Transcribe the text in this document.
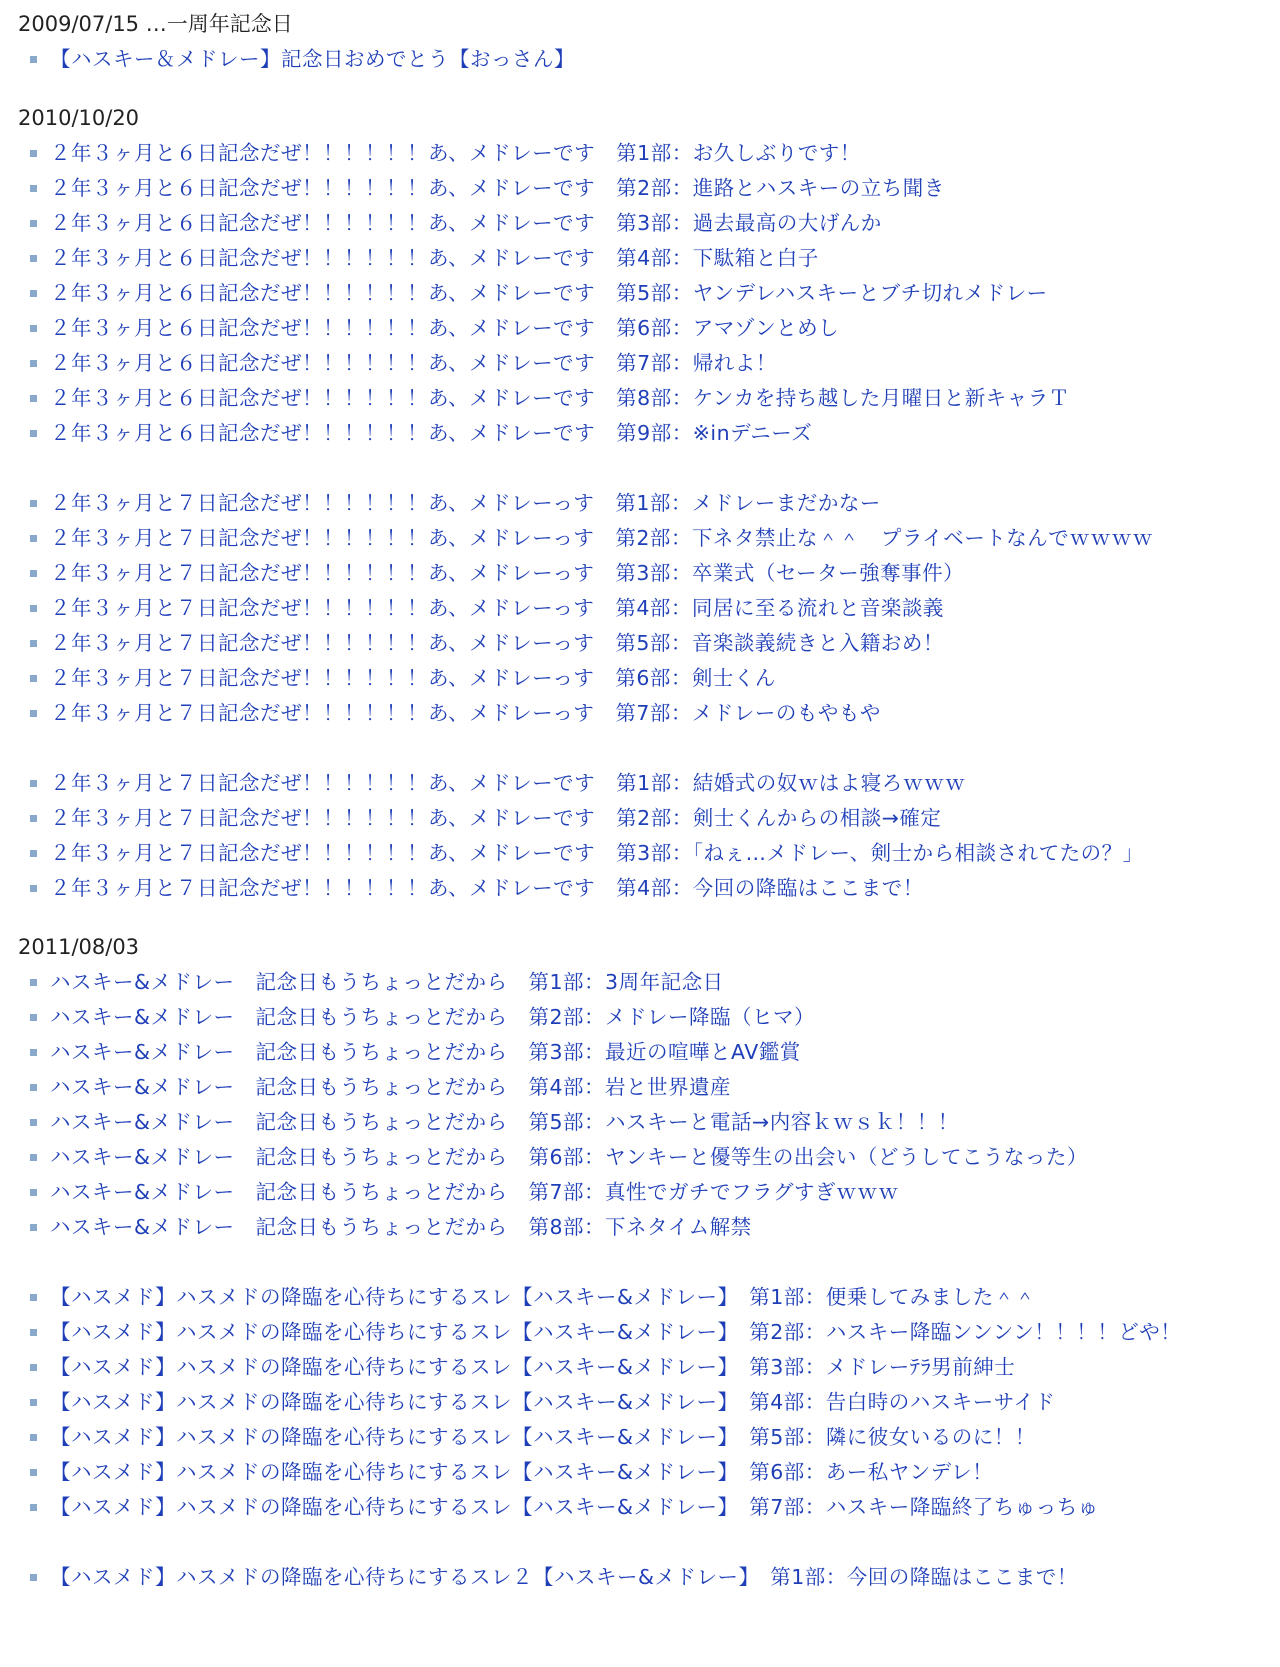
2009/07/15 …一周年記念日
【ハスキー＆メドレー】記念日おめでとう【おっさん】
2010/10/20
２年３ヶ月と６日記念だぜ！！！！！！あ、メドレーです　第1部：お久しぶりです！
２年３ヶ月と６日記念だぜ！！！！！！あ、メドレーです　第2部：進路とハスキーの立ち聞き
２年３ヶ月と６日記念だぜ！！！！！！あ、メドレーです　第3部：過去最高の大げんか
２年３ヶ月と６日記念だぜ！！！！！！あ、メドレーです　第4部：下駄箱と白子
２年３ヶ月と６日記念だぜ！！！！！！あ、メドレーです　第5部：ヤンデレハスキーとブチ切れメドレー
２年３ヶ月と６日記念だぜ！！！！！！あ、メドレーです　第6部：アマゾンとめし
２年３ヶ月と６日記念だぜ！！！！！！あ、メドレーです　第7部：帰れよ！
２年３ヶ月と６日記念だぜ！！！！！！あ、メドレーです　第8部：ケンカを持ち越した月曜日と新キャラＴ
２年３ヶ月と６日記念だぜ！！！！！！あ、メドレーです　第9部：※inデニーズ
２年３ヶ月と７日記念だぜ！！！！！！あ、メドレーっす　第1部：メドレーまだかなー
２年３ヶ月と７日記念だぜ！！！！！！あ、メドレーっす　第2部：下ネタ禁止な＾＾　プライベートなんでｗｗｗｗ
２年３ヶ月と７日記念だぜ！！！！！！あ、メドレーっす　第3部：卒業式（セーター強奪事件）
２年３ヶ月と７日記念だぜ！！！！！！あ、メドレーっす　第4部：同居に至る流れと音楽談義
２年３ヶ月と７日記念だぜ！！！！！！あ、メドレーっす　第5部：音楽談義続きと入籍おめ！
２年３ヶ月と７日記念だぜ！！！！！！あ、メドレーっす　第6部：剣士くん
２年３ヶ月と７日記念だぜ！！！！！！あ、メドレーっす　第7部：メドレーのもやもや
２年３ヶ月と７日記念だぜ！！！！！！あ、メドレーです　第1部：結婚式の奴ｗはよ寝ろｗｗｗ
２年３ヶ月と７日記念だぜ！！！！！！あ、メドレーです　第2部：剣士くんからの相談→確定
２年３ヶ月と７日記念だぜ！！！！！！あ、メドレーです　第3部：「ねぇ…メドレー、剣士から相談されてたの？」
２年３ヶ月と７日記念だぜ！！！！！！あ、メドレーです　第4部：今回の降臨はここまで！
2011/08/03
ハスキー&メドレー　記念日もうちょっとだから　第1部：3周年記念日
ハスキー&メドレー　記念日もうちょっとだから　第2部：メドレー降臨（ヒマ）
ハスキー&メドレー　記念日もうちょっとだから　第3部：最近の喧嘩とAV鑑賞
ハスキー&メドレー　記念日もうちょっとだから　第4部：岩と世界遺産
ハスキー&メドレー　記念日もうちょっとだから　第5部：ハスキーと電話→内容ｋｗｓｋ！！！
ハスキー&メドレー　記念日もうちょっとだから　第6部：ヤンキーと優等生の出会い（どうしてこうなった）
ハスキー&メドレー　記念日もうちょっとだから　第7部：真性でガチでフラグすぎｗｗｗ
ハスキー&メドレー　記念日もうちょっとだから　第8部：下ネタイム解禁
【ハスメド】ハスメドの降臨を心待ちにするスレ【ハスキー&メドレー】　第1部：便乗してみました＾＾
【ハスメド】ハスメドの降臨を心待ちにするスレ【ハスキー&メドレー】　第2部：ハスキー降臨ンンンン！！！！どや！
【ハスメド】ハスメドの降臨を心待ちにするスレ【ハスキー&メドレー】　第3部：メドレーﾃﾗ男前紳士
【ハスメド】ハスメドの降臨を心待ちにするスレ【ハスキー&メドレー】　第4部：告白時のハスキーサイド
【ハスメド】ハスメドの降臨を心待ちにするスレ【ハスキー&メドレー】　第5部：隣に彼女いるのに！！
【ハスメド】ハスメドの降臨を心待ちにするスレ【ハスキー&メドレー】　第6部：あー私ヤンデレ！
【ハスメド】ハスメドの降臨を心待ちにするスレ【ハスキー&メドレー】　第7部：ハスキー降臨終了ちゅっちゅ
【ハスメド】ハスメドの降臨を心待ちにするスレ２【ハスキー&メドレー】　第1部：今回の降臨はここまで！
